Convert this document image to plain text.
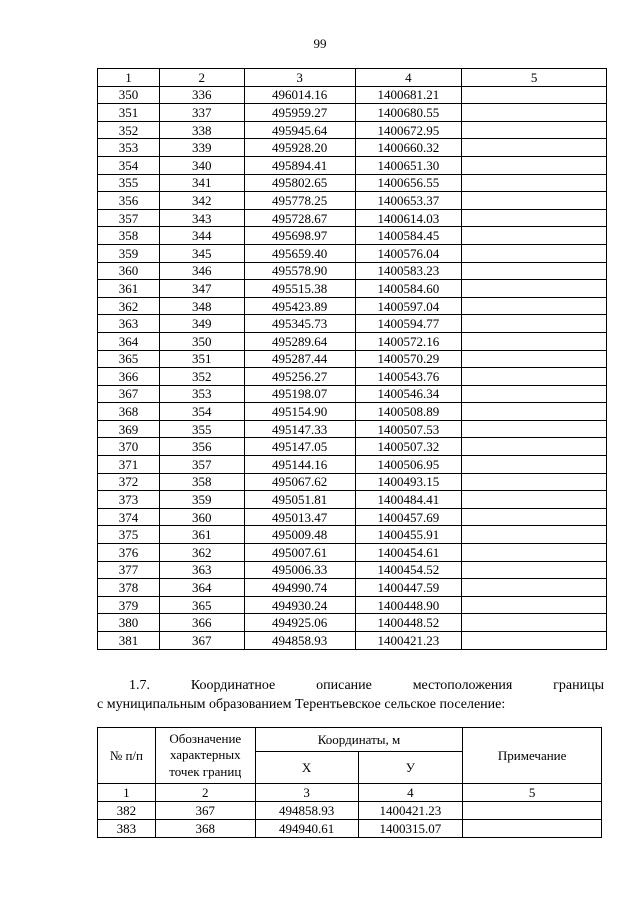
99
1	2	3	4	5
350	336	496014.16	1400681.21	
351	337	495959.27	1400680.55	
352	338	495945.64	1400672.95	
353	339	495928.20	1400660.32	
354	340	495894.41	1400651.30	
355	341	495802.65	1400656.55	
356	342	495778.25	1400653.37	
357	343	495728.67	1400614.03	
358	344	495698.97	1400584.45	
359	345	495659.40	1400576.04	
360	346	495578.90	1400583.23	
361	347	495515.38	1400584.60	
362	348	495423.89	1400597.04	
363	349	495345.73	1400594.77	
364	350	495289.64	1400572.16	
365	351	495287.44	1400570.29	
366	352	495256.27	1400543.76	
367	353	495198.07	1400546.34	
368	354	495154.90	1400508.89	
369	355	495147.33	1400507.53	
370	356	495147.05	1400507.32	
371	357	495144.16	1400506.95	
372	358	495067.62	1400493.15	
373	359	495051.81	1400484.41	
374	360	495013.47	1400457.69	
375	361	495009.48	1400455.91	
376	362	495007.61	1400454.61	
377	363	495006.33	1400454.52	
378	364	494990.74	1400447.59	
379	365	494930.24	1400448.90	
380	366	494925.06	1400448.52	
381	367	494858.93	1400421.23	
1.7.	Координатное	описание	местоположения	границы
с муниципальным образованием Терентьевское сельское поселение:
№ п/п	Обозначение характерных точек границ	Координаты, м		Примечание
		X	У	
1	2	3	4	5
382	367	494858.93	1400421.23	
383	368	494940.61	1400315.07	
